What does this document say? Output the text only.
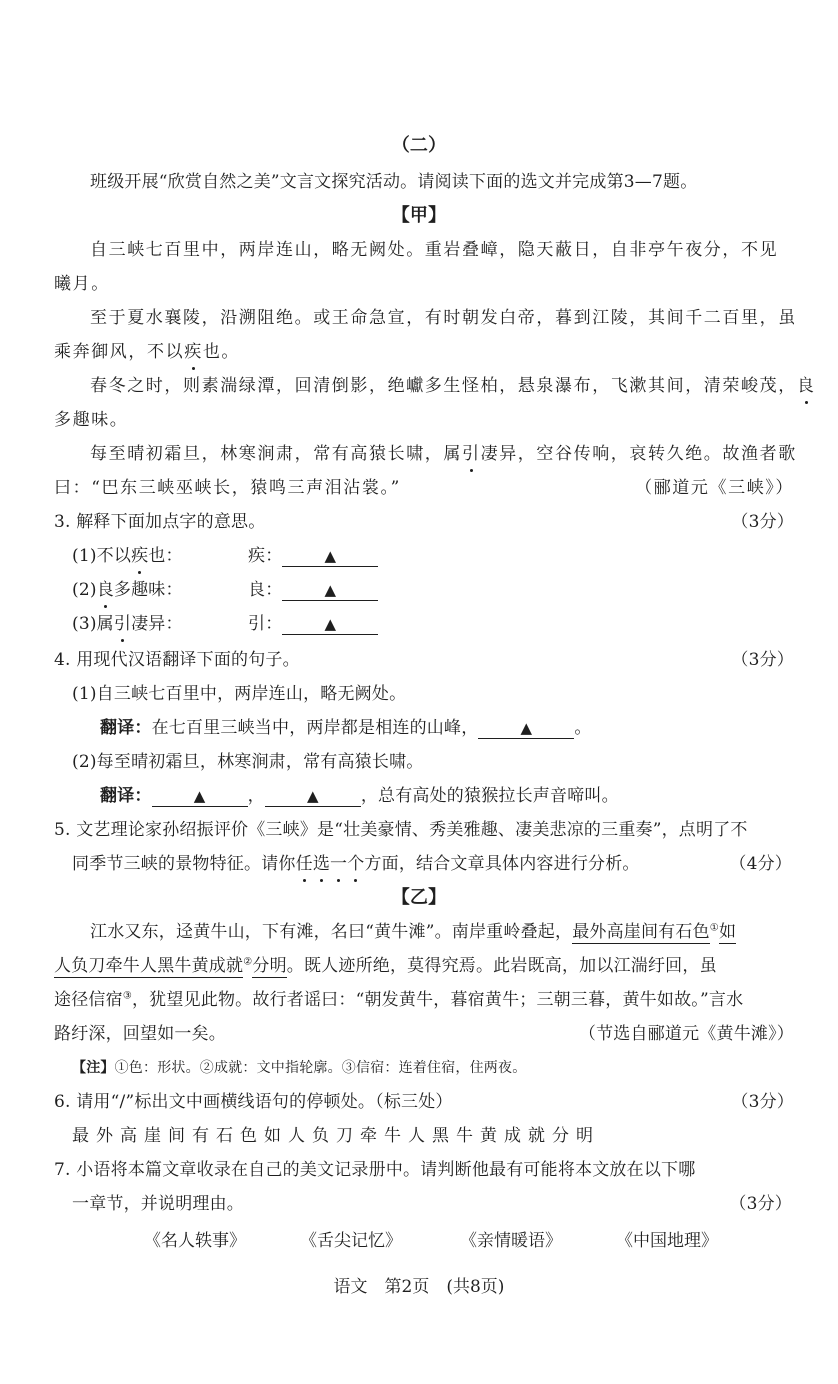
（二）
班级开展“欣赏自然之美”文言文探究活动。请阅读下面的选文并完成第3—7题。
【甲】
自三峡七百里中，两岸连山，略无阙处。重岩叠嶂，隐天蔽日，自非亭午夜分，不见
曦月。
至于夏水襄陵，沿溯阻绝。或王命急宣，有时朝发白帝，暮到江陵，其间千二百里，虽
乘奔御风，不以疾也。
春冬之时，则素湍绿潭，回清倒影，绝巘多生怪柏，悬泉瀑布，飞漱其间，清荣峻茂，良
多趣味。
每至晴初霜旦，林寒涧肃，常有高猿长啸，属引凄异，空谷传响，哀转久绝。故渔者歌
曰：“巴东三峡巫峡长，猿鸣三声泪沾裳。”	（郦道元《三峡》）
3. 解释下面加点字的意思。	（3分）
(1)不以疾也：	疾：	▲
(2)良多趣味：	良：	▲
(3)属引凄异：	引：	▲
4. 用现代汉语翻译下面的句子。	（3分）
(1)自三峡七百里中，两岸连山，略无阙处。
翻译：在七百里三峡当中，两岸都是相连的山峰，	▲ 。
(2)每至晴初霜旦，林寒涧肃，常有高猿长啸。
翻译：	▲ ，	▲ ，总有高处的猿猴拉长声音啼叫。
5. 文艺理论家孙绍振评价《三峡》是“壮美豪情、秀美雅趣、凄美悲凉的三重奏”，点明了不
同季节三峡的景物特征。请你任选一个方面，结合文章具体内容进行分析。	（4分）
【乙】
江水又东，迳黄牛山，下有滩，名曰“黄牛滩”。南岸重岭叠起，最外高崖间有石色①如
人负刀牵牛人黑牛黄成就②分明。既人迹所绝，莫得究焉。此岩既高，加以江湍纡回，虽
途径信宿③，犹望见此物。故行者谣曰：“朝发黄牛，暮宿黄牛；三朝三暮，黄牛如故。”言水
路纡深，回望如一矣。	（节选自郦道元《黄牛滩》）
【注】①色：形状。②成就：文中指轮廓。③信宿：连着住宿，住两夜。
6. 请用“/”标出文中画横线语句的停顿处。（标三处）	（3分）
最外高崖间有石色如人负刀牵牛人黑牛黄成就分明
7. 小语将本篇文章收录在自己的美文记录册中。请判断他最有可能将本文放在以下哪
一章节，并说明理由。	（3分）
《名人轶事》	《舌尖记忆》	《亲情暖语》	《中国地理》
语文　第2页　(共8页)
